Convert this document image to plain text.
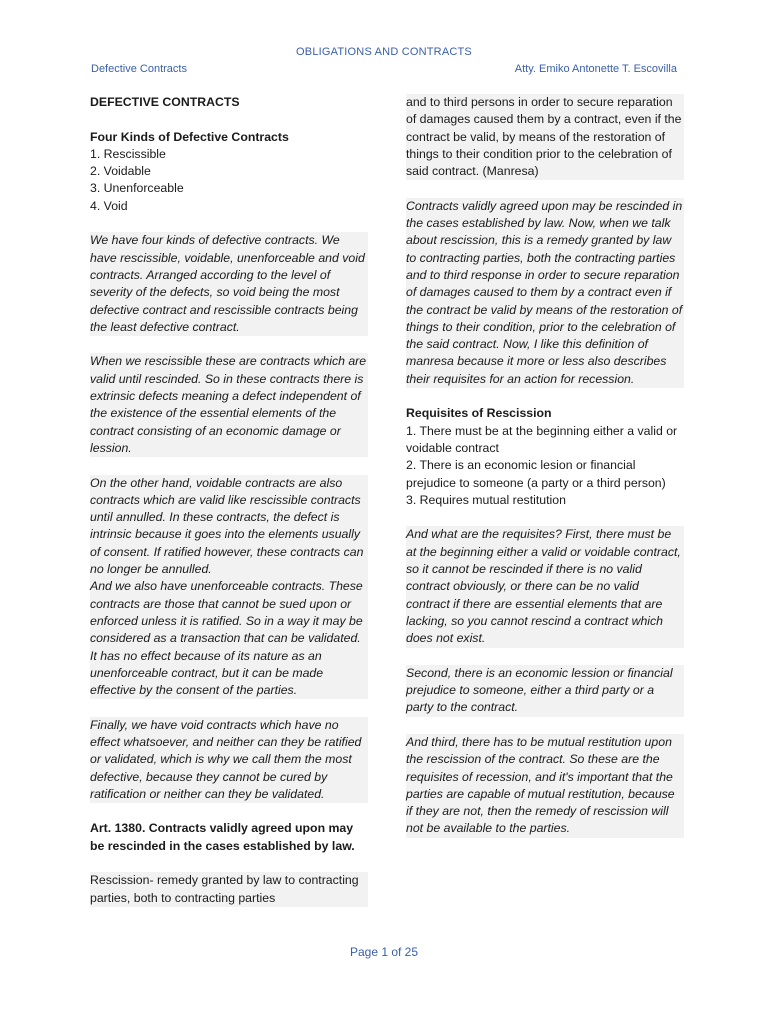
OBLIGATIONS AND CONTRACTS
Defective Contracts	Atty. Emiko Antonette T. Escovilla

DEFECTIVE CONTRACTS

Four Kinds of Defective Contracts

1. Rescissible
2. Voidable
3. Unenforceable
4. Void

We have four kinds of defective contracts. We have rescissible, voidable, unenforceable and void contracts. Arranged according to the level of severity of the defects, so void being the most defective contract and rescissible contracts being the least defective contract.

When we rescissible these are contracts which are valid until rescinded. So in these contracts there is extrinsic defects meaning a defect independent of the existence of the essential elements of the contract consisting of an economic damage or lession.

On the other hand, voidable contracts are also contracts which are valid like rescissible contracts until annulled. In these contracts, the defect is intrinsic because it goes into the elements usually of consent. If ratified however, these contracts can no longer be annulled.
And we also have unenforceable contracts. These contracts are those that cannot be sued upon or enforced unless it is ratified. So in a way it may be considered as a transaction that can be validated. It has no effect because of its nature as an unenforceable contract, but it can be made effective by the consent of the parties.

Finally, we have void contracts which have no effect whatsoever, and neither can they be ratified or validated, which is why we call them the most defective, because they cannot be cured by ratification or neither can they be validated.

Art. 1380. Contracts validly agreed upon may be rescinded in the cases established by law.

Rescission- remedy granted by law to contracting parties, both to contracting parties

and to third persons in order to secure reparation of damages caused them by a contract, even if the contract be valid, by means of the restoration of things to their condition prior to the celebration of said contract. (Manresa)

Contracts validly agreed upon may be rescinded in the cases established by law. Now, when we talk about rescission, this is a remedy granted by law to contracting parties, both the contracting parties and to third response in order to secure reparation of damages caused to them by a contract even if the contract be valid by means of the restoration of things to their condition, prior to the celebration of the said contract. Now, I like this definition of manresa because it more or less also describes their requisites for an action for recession.

Requisites of Rescission

1. There must be at the beginning either a valid or voidable contract
2. There is an economic lesion or financial prejudice to someone (a party or a third person)
3. Requires mutual restitution

And what are the requisites? First, there must be at the beginning either a valid or voidable contract, so it cannot be rescinded if there is no valid contract obviously, or there can be no valid contract if there are essential elements that are lacking, so you cannot rescind a contract which does not exist.

Second, there is an economic lession or financial prejudice to someone, either a third party or a party to the contract.

And third, there has to be mutual restitution upon the rescission of the contract. So these are the requisites of recession, and it's important that the parties are capable of mutual restitution, because if they are not, then the remedy of rescission will not be available to the parties.

Page 1 of 25
